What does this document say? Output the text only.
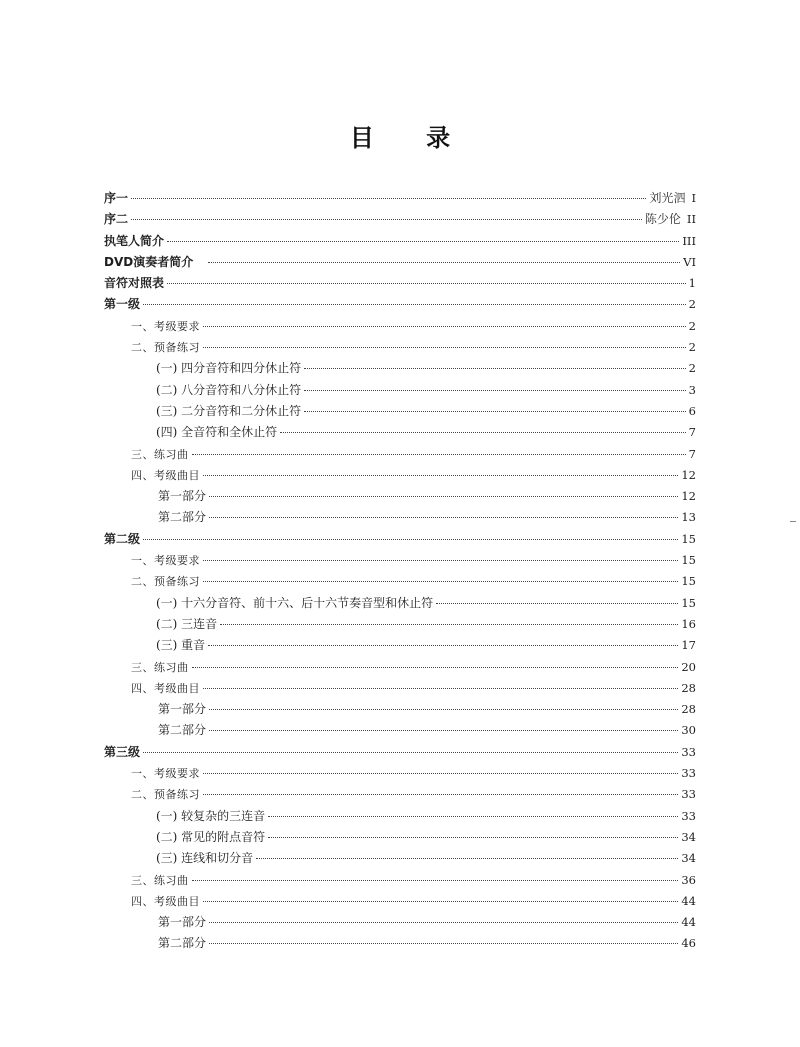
目 录
序一	刘光泗 I
序二	陈少伦 II
执笔人简介	III
DVD演奏者简介	VI
音符对照表	1
第一级	2
一、考级要求	2
二、预备练习	2
(一) 四分音符和四分休止符	2
(二) 八分音符和八分休止符	3
(三) 二分音符和二分休止符	6
(四) 全音符和全休止符	7
三、练习曲	7
四、考级曲目	12
第一部分	12
第二部分	13
第二级	15
一、考级要求	15
二、预备练习	15
(一) 十六分音符、前十六、后十六节奏音型和休止符	15
(二) 三连音	16
(三) 重音	17
三、练习曲	20
四、考级曲目	28
第一部分	28
第二部分	30
第三级	33
一、考级要求	33
二、预备练习	33
(一) 较复杂的三连音	33
(二) 常见的附点音符	34
(三) 连线和切分音	34
三、练习曲	36
四、考级曲目	44
第一部分	44
第二部分	46
